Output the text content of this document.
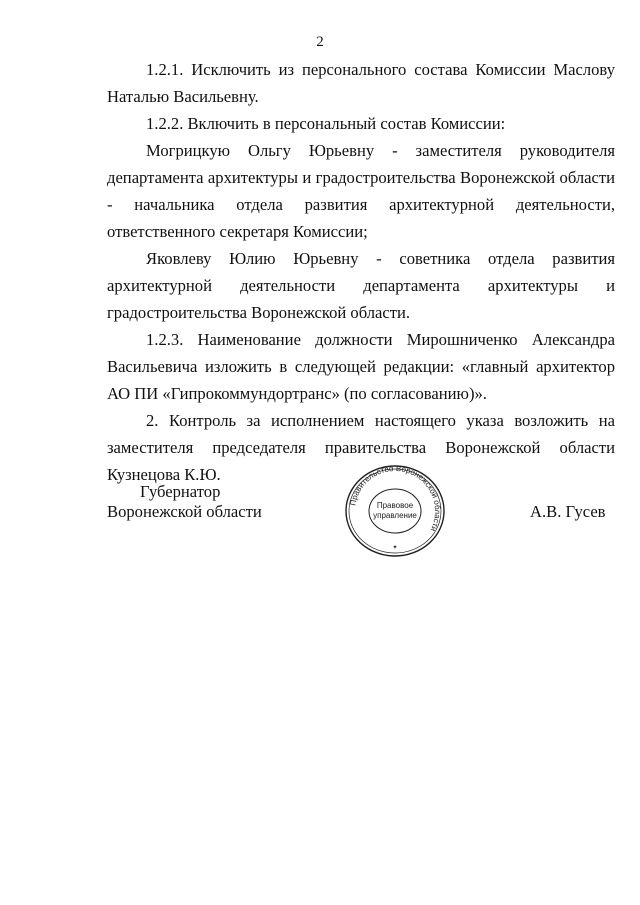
2

1.2.1. Исключить из персонального состава Комиссии Маслову
Наталью Васильевну.

1.2.2. Включить в персональный состав Комиссии:

Могрицкую Ольгу Юрьевну - заместителя руководителя департамента архитектуры и градостроительства Воронежской области - начальника отдела развития архитектурной деятельности, ответственного секретаря Комиссии;

Яковлеву Юлию Юрьевну - советника отдела развития архитектурной деятельности департамента архитектуры и градостроительства Воронежской области.

1.2.3. Наименование должности Мирошниченко Александра Васильевича изложить в следующей редакции: «главный архитектор АО ПИ «Гипрокоммундортранс» (по согласованию)».

2. Контроль за исполнением настоящего указа возложить на заместителя председателя правительства Воронежской области Кузнецова К.Ю.

Губернатор
Воронежской области	А.В. Гусев
Правительство Воронежской области
Правовое
управление
✦
